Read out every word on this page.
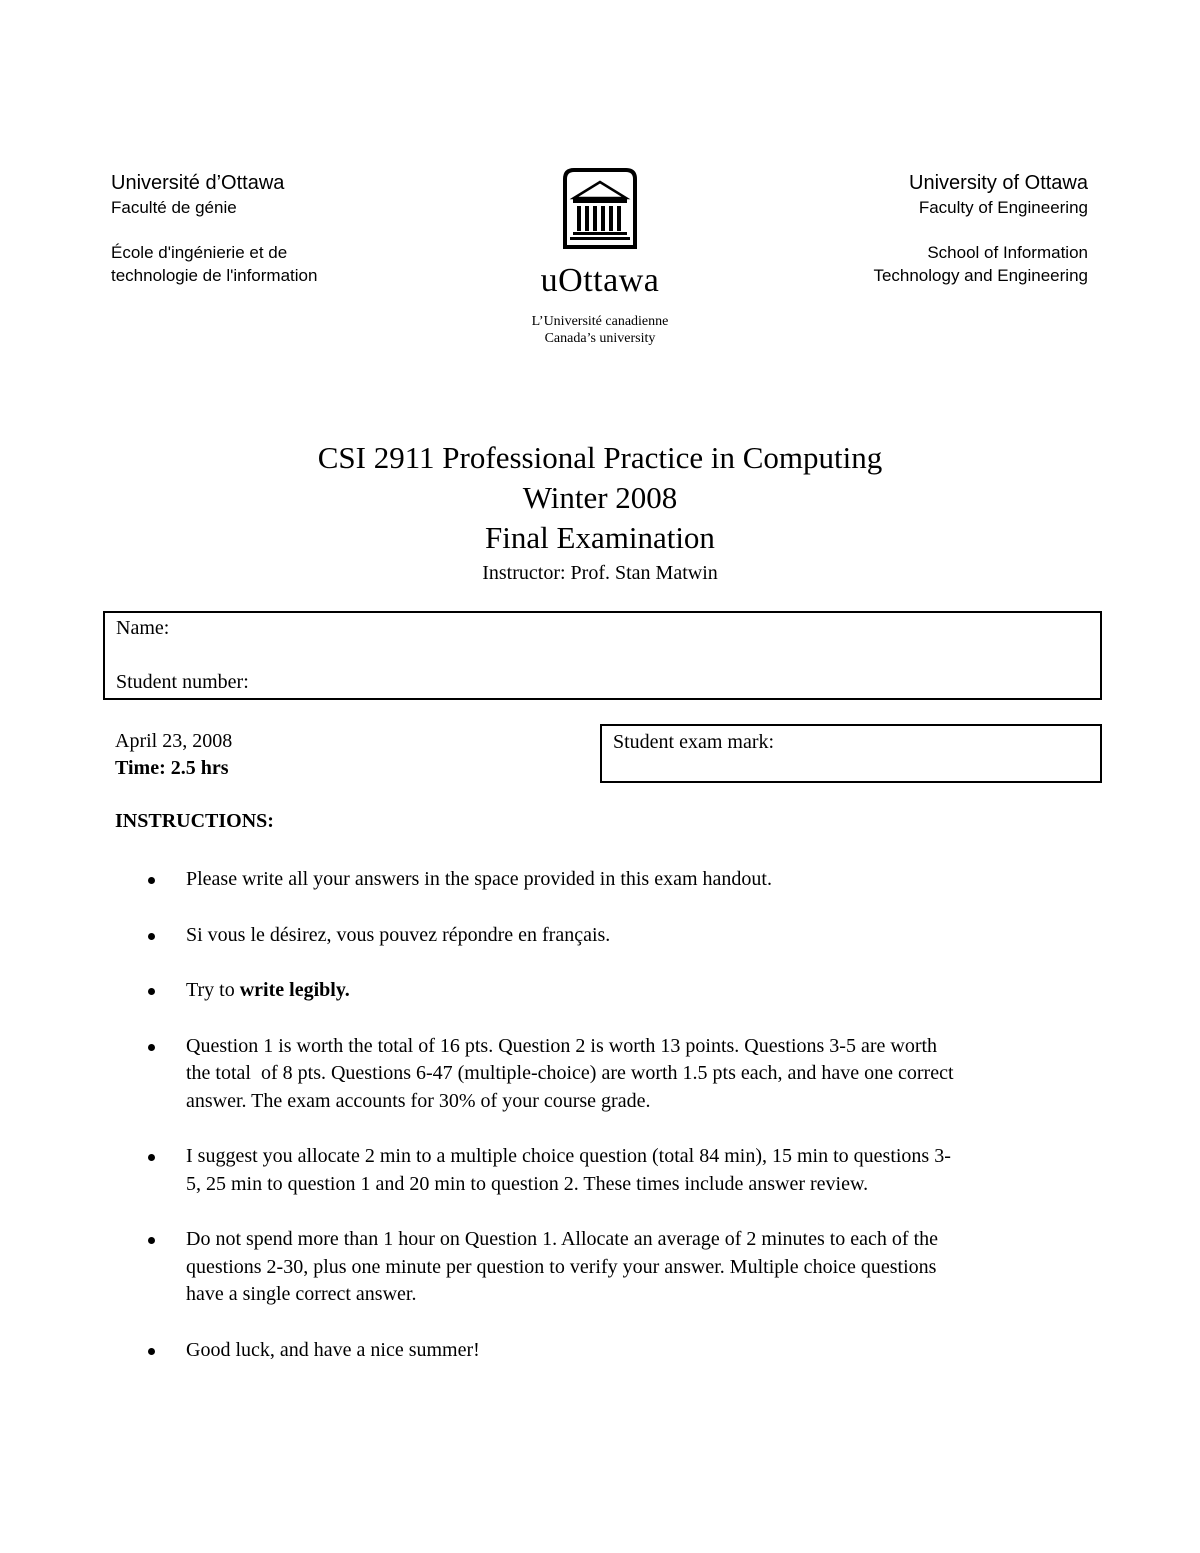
Université d’Ottawa
Faculté de génie
École d'ingénierie et de
technologie de l'information	uOttawa
L’Université canadienne
Canada’s university
University of Ottawa
Faculty of Engineering
School of Information
Technology and Engineering
CSI 2911 Professional Practice in Computing
Winter 2008
Final Examination
Instructor: Prof. Stan Matwin
Name:
Student number:
April 23, 2008
Time: 2.5 hrs
Student exam mark:
INSTRUCTIONS:
Please write all your answers in the space provided in this exam handout.
Si vous le désirez, vous pouvez répondre en français.
Try to write legibly.
Question 1 is worth the total of 16 pts. Question 2 is worth 13 points. Questions 3-5 are worth
the total  of 8 pts. Questions 6-47 (multiple-choice) are worth 1.5 pts each, and have one correct
answer. The exam accounts for 30% of your course grade.
I suggest you allocate 2 min to a multiple choice question (total 84 min), 15 min to questions 3-
5, 25 min to question 1 and 20 min to question 2. These times include answer review.
Do not spend more than 1 hour on Question 1. Allocate an average of 2 minutes to each of the
questions 2-30, plus one minute per question to verify your answer. Multiple choice questions
have a single correct answer.
Good luck, and have a nice summer!
